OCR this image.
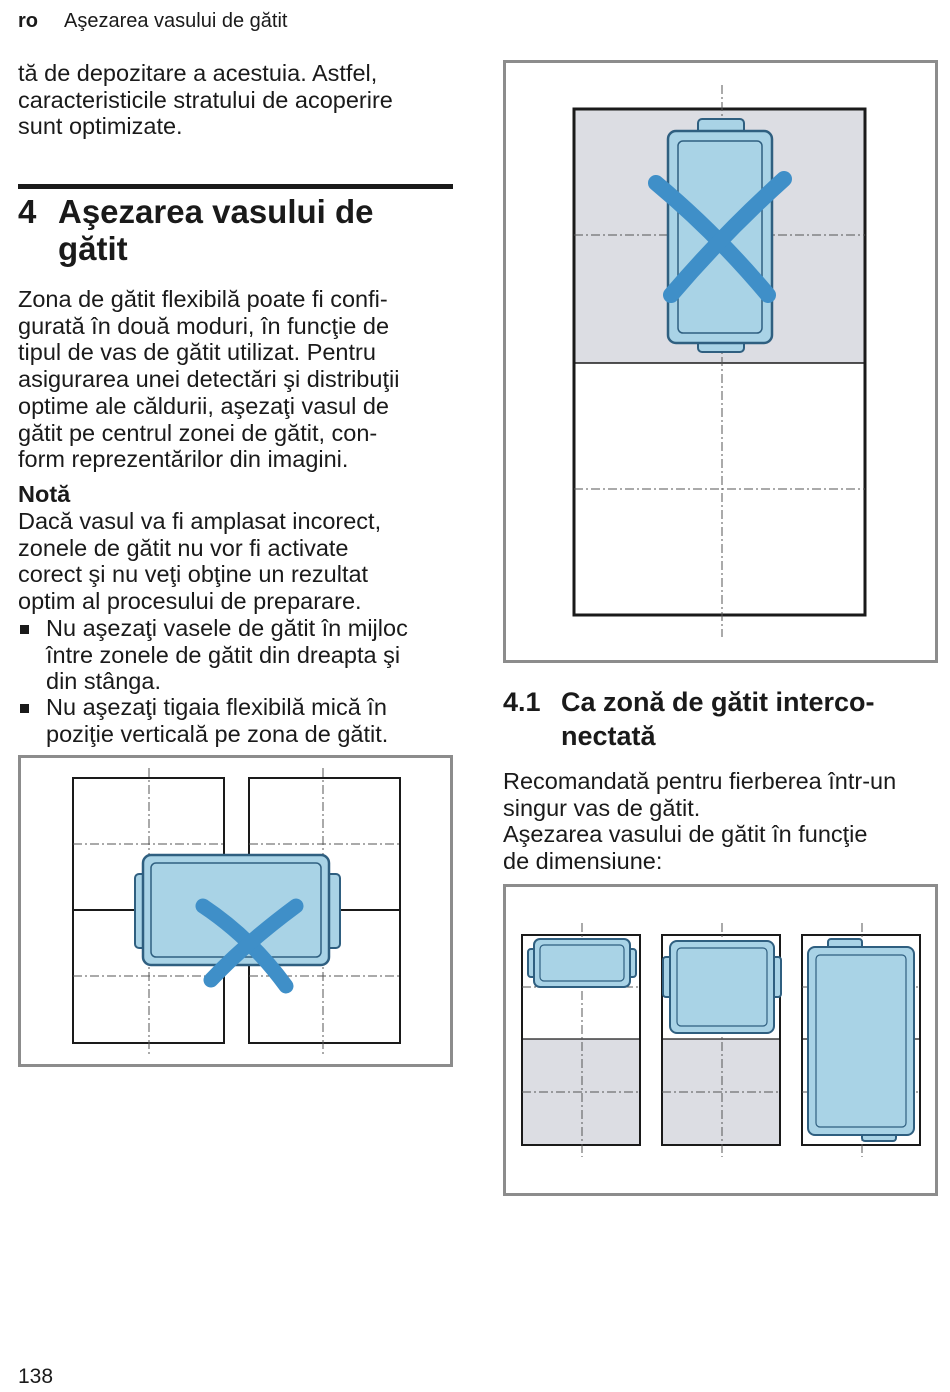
ro Aşezarea vasului de gătit
tă de depozitare a acestuia. Astfel,
caracteristicile stratului de acoperire
sunt optimizate.
4 Aşezarea vasului de
gătit
Zona de gătit flexibilă poate fi confi-
gurată în două moduri, în funcţie de
tipul de vas de gătit utilizat. Pentru
asigurarea unei detectări şi distribuţii
optime ale căldurii, aşezaţi vasul de
gătit pe centrul zonei de gătit, con-
form reprezentărilor din imagini.
Notă
Dacă vasul va fi amplasat incorect,
zonele de gătit nu vor fi activate
corect şi nu veţi obţine un rezultat
optim al procesului de preparare.
Nu aşezaţi vasele de gătit în mijloc
între zonele de gătit din dreapta şi
din stânga.
Nu aşezaţi tigaia flexibilă mică în
poziţie verticală pe zona de gătit.
4.1 Ca zonă de gătit interco-
nectată
Recomandată pentru fierberea într-un
singur vas de gătit.
Aşezarea vasului de gătit în funcţie
de dimensiune:
138
